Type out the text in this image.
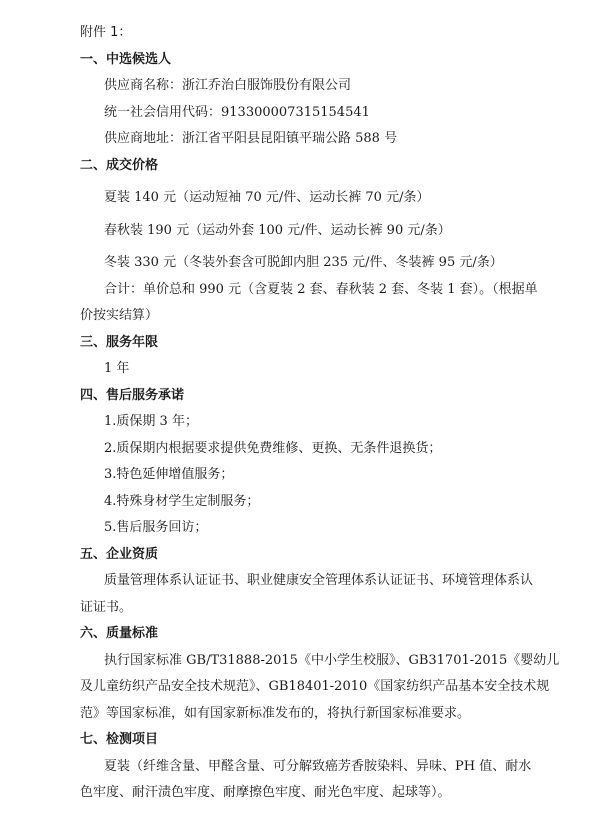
附件 1：
一、中选候选人
供应商名称：浙江乔治白服饰股份有限公司
统一社会信用代码：913300007315154541
供应商地址：浙江省平阳县昆阳镇平瑞公路 588 号
二、成交价格
夏装 140 元（运动短袖 70 元/件、运动长裤 70 元/条）
春秋装 190 元（运动外套 100 元/件、运动长裤 90 元/条）
冬装 330 元（冬装外套含可脱卸内胆 235 元/件、冬装裤 95 元/条）
合计：单价总和 990 元（含夏装 2 套、春秋装 2 套、冬装 1 套）。（根据单
价按实结算）
三、服务年限
1 年
四、售后服务承诺
1.质保期 3 年；
2.质保期内根据要求提供免费维修、更换、无条件退换货；
3.特色延伸增值服务；
4.特殊身材学生定制服务；
5.售后服务回访；
五、企业资质
质量管理体系认证证书、职业健康安全管理体系认证证书、环境管理体系认
证证书。
六、质量标准
执行国家标准 GB/T31888-2015《中小学生校服》、GB31701-2015《婴幼儿
及儿童纺织产品安全技术规范》、GB18401-2010《国家纺织产品基本安全技术规
范》等国家标准，如有国家新标准发布的，将执行新国家标准要求。
七、检测项目
夏装（纤维含量、甲醛含量、可分解致癌芳香胺染料、异味、PH 值、耐水
色牢度、耐汗渍色牢度、耐摩擦色牢度、耐光色牢度、起球等）。
